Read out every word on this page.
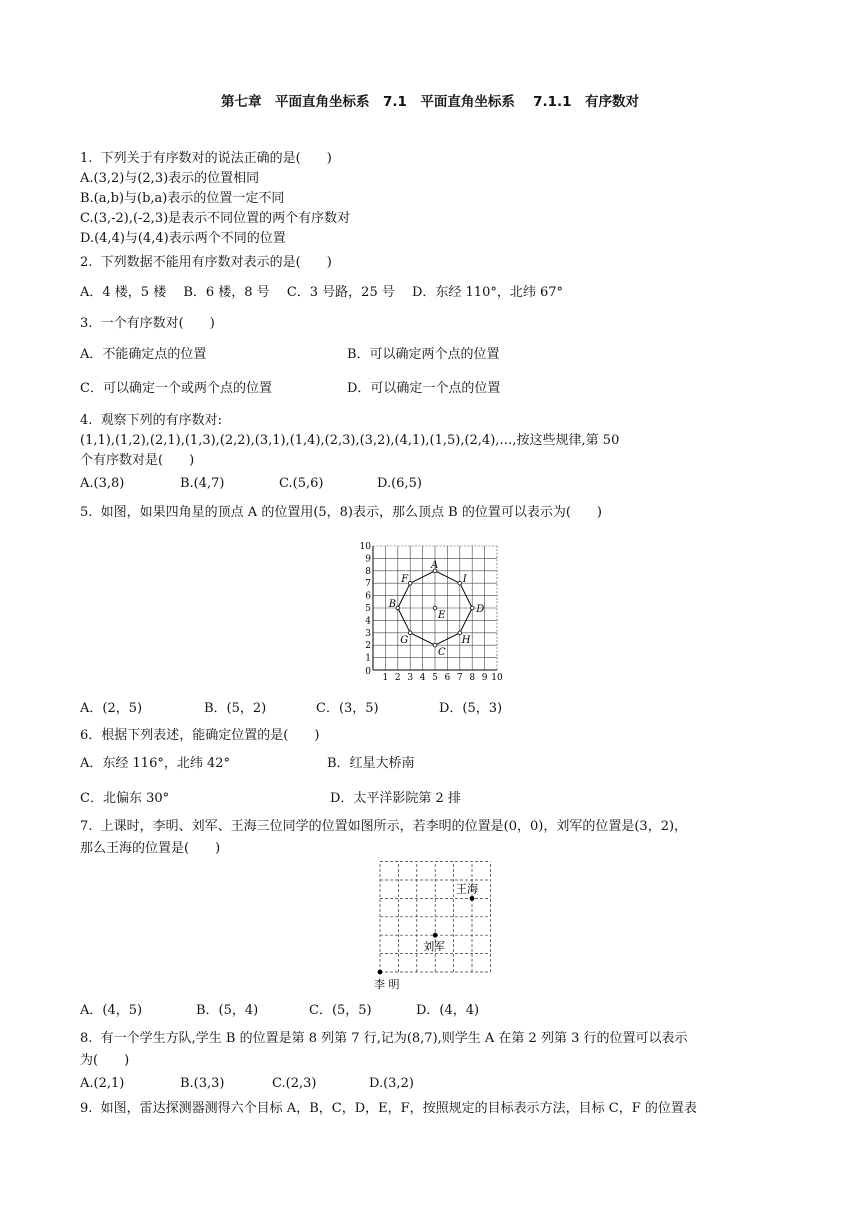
第七章　平面直角坐标系　7.1　平面直角坐标系　 7.1.1　有序数对
1.  下列关于有序数对的说法正确的是(　　)
A.(3,2)与(2,3)表示的位置相同
B.(a,b)与(b,a)表示的位置一定不同
C.(3,-2),(-2,3)是表示不同位置的两个有序数对
D.(4,4)与(4,4)表示两个不同的位置
2.  下列数据不能用有序数对表示的是(　　)
A．4 楼，5 楼　 B．6 楼，8 号　 C．3 号路，25 号　 D．东经 110°，北纬 67°
3.  一个有序数对(　　)
A．不能确定点的位置	B．可以确定两个点的位置
C．可以确定一个或两个点的位置	D．可以确定一个点的位置
4.  观察下列的有序数对:
(1,1),(1,2),(2,1),(1,3),(2,2),(3,1),(1,4),(2,3),(3,2),(4,1),(1,5),(2,4),…,按这些规律,第 50
个有序数对是(　　)
A.(3,8)	B.(4,7)	C.(5,6)	D.(6,5)
5.  如图，如果四角星的顶点 A 的位置用(5，8)表示，那么顶点 B 的位置可以表示为(　　)
1 2 3 4 5 6 7 8 9 10
1
2
3
4
5
6
7
8
9
10
0
A
B
C
D
E
F	I
G	H
A．(2，5)	B．(5，2)	C．(3，5)	D．(5，3)
6．根据下列表述，能确定位置的是(　　)
A．东经 116°，北纬 42°	B．红星大桥南
C．北偏东 30°	D．太平洋影院第 2 排
7.  上课时，李明、刘军、王海三位同学的位置如图所示，若李明的位置是(0，0)，刘军的位置是(3，2)，
那么王海的位置是(　　)
李 明
刘军
王海
A．(4，5)	B．(5，4)	C．(5，5)	D．(4，4)
8.  有一个学生方队,学生 B 的位置是第 8 列第 7 行,记为(8,7),则学生 A 在第 2 列第 3 行的位置可以表示
为(　　)
A.(2,1)	B.(3,3)	C.(2,3)	D.(3,2)
9.  如图，雷达探测器测得六个目标 A，B，C，D，E，F，按照规定的目标表示方法，目标 C，F 的位置表
